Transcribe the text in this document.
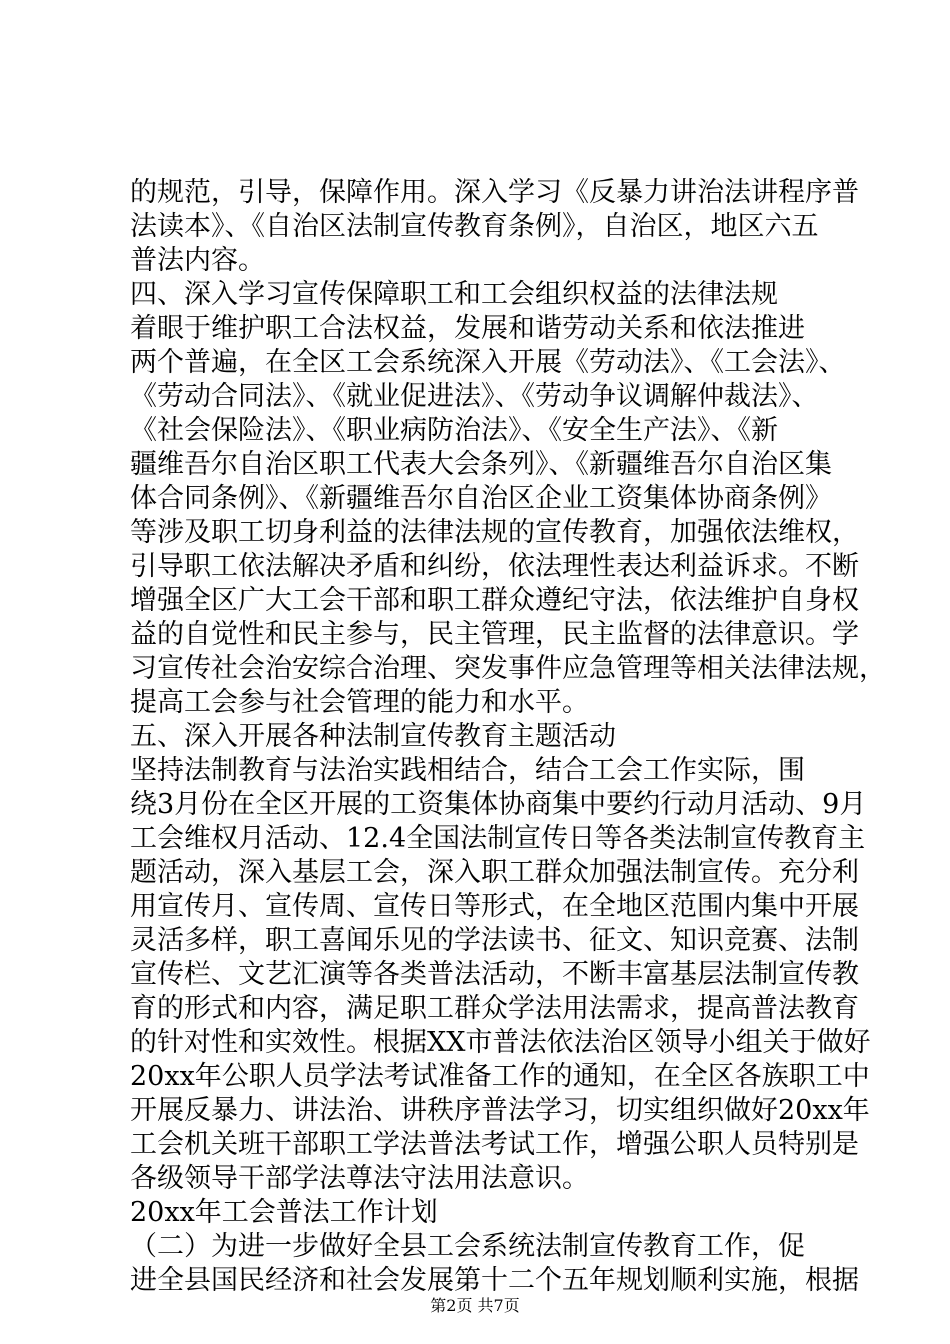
的规范，引导，保障作用。深入学习《反暴力讲治法讲程序普
法读本》、《自治区法制宣传教育条例》，自治区，地区六五
普法内容。
四、深入学习宣传保障职工和工会组织权益的法律法规
着眼于维护职工合法权益，发展和谐劳动关系和依法推进
两个普遍，在全区工会系统深入开展《劳动法》、《工会法》、
《劳动合同法》、《就业促进法》、《劳动争议调解仲裁法》、
《社会保险法》、《职业病防治法》、《安全生产法》、《新
疆维吾尔自治区职工代表大会条列》、《新疆维吾尔自治区集
体合同条例》、《新疆维吾尔自治区企业工资集体协商条例》
等涉及职工切身利益的法律法规的宣传教育，加强依法维权，
引导职工依法解决矛盾和纠纷，依法理性表达利益诉求。不断
增强全区广大工会干部和职工群众遵纪守法，依法维护自身权
益的自觉性和民主参与，民主管理，民主监督的法律意识。学
习宣传社会治安综合治理、突发事件应急管理等相关法律法规，
提高工会参与社会管理的能力和水平。
五、深入开展各种法制宣传教育主题活动
坚持法制教育与法治实践相结合，结合工会工作实际，围
绕3月份在全区开展的工资集体协商集中要约行动月活动、9月
工会维权月活动、12.4全国法制宣传日等各类法制宣传教育主
题活动，深入基层工会，深入职工群众加强法制宣传。充分利
用宣传月、宣传周、宣传日等形式，在全地区范围内集中开展
灵活多样，职工喜闻乐见的学法读书、征文、知识竞赛、法制
宣传栏、文艺汇演等各类普法活动，不断丰富基层法制宣传教
育的形式和内容，满足职工群众学法用法需求，提高普法教育
的针对性和实效性。根据XX市普法依法治区领导小组关于做好
20xx年公职人员学法考试准备工作的通知，在全区各族职工中
开展反暴力、讲法治、讲秩序普法学习，切实组织做好20xx年
工会机关班干部职工学法普法考试工作，增强公职人员特别是
各级领导干部学法尊法守法用法意识。
20xx年工会普法工作计划
（二）为进一步做好全县工会系统法制宣传教育工作，促
进全县国民经济和社会发展第十二个五年规划顺利实施，根据
第2页 共7页
